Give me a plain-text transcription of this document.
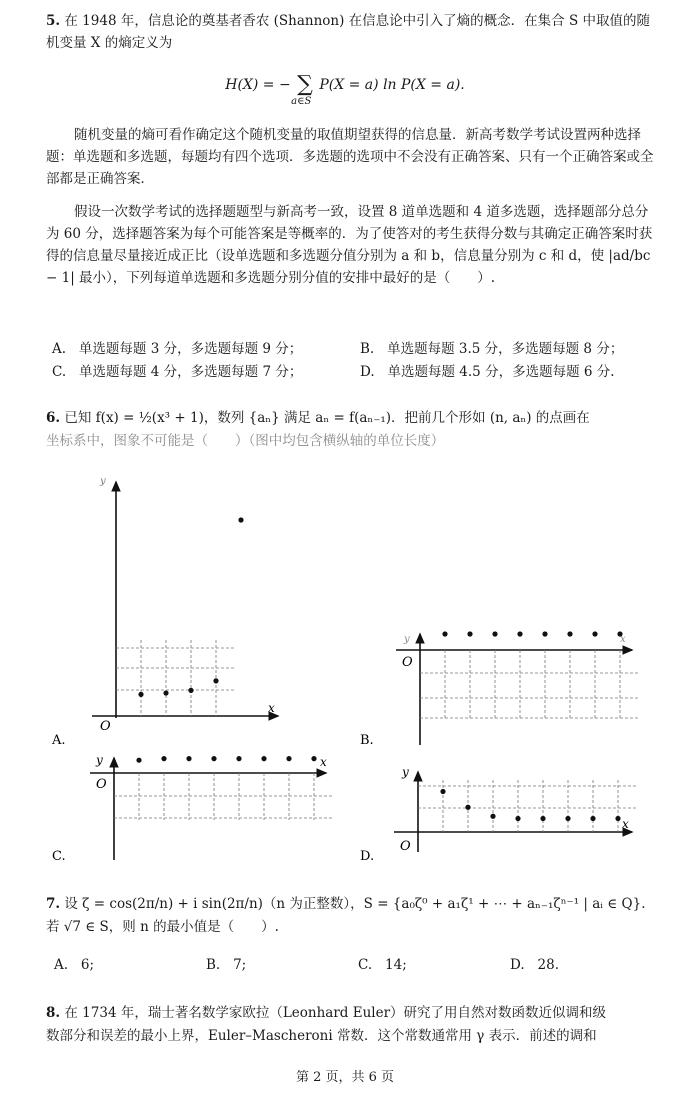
5. 在 1948 年，信息论的奠基者香农 (Shannon) 在信息论中引入了熵的概念．在集合 S 中取值的随机变量 X 的熵定义为
H(X) = − ∑
a∈S
P(X = a) ln P(X = a).
随机变量的熵可看作确定这个随机变量的取值期望获得的信息量．新高考数学考试设置两种选择题：单选题和多选题，每题均有四个选项．多选题的选项中不会没有正确答案、只有一个正确答案或全部都是正确答案．
假设一次数学考试的选择题题型与新高考一致，设置 8 道单选题和 4 道多选题，选择题部分总分为 60 分，选择题答案为每个可能答案是等概率的．为了使答对的考生获得分数与其确定正确答案时获得的信息量尽量接近成正比（设单选题和多选题分值分别为 a 和 b，信息量分别为 c 和 d，使 |ad/bc − 1| 最小），下列每道单选题和多选题分别分值的安排中最好的是（　　）.
A. 单选题每题 3 分，多选题每题 9 分；	B. 单选题每题 3.5 分，多选题每题 8 分；
C. 单选题每题 4 分，多选题每题 7 分；	D. 单选题每题 4.5 分，多选题每题 6 分.
6. 已知 f(x) = ½(x³ + 1)，数列 {aₙ} 满足 aₙ = f(aₙ₋₁)．把前几个形如 (n, aₙ) 的点画在
坐标系中，图象不可能是（　　）（图中均包含横纵轴的单位长度）
O
x
y
A.
O
y	x
B.
O
y	x
C.
O
y
x
D.
7. 设 ζ = cos(2π/n) + i sin(2π/n)（n 为正整数），S = {a₀ζ⁰ + a₁ζ¹ + ⋯ + aₙ₋₁ζⁿ⁻¹ | aᵢ ∈ Q}.
若 √7 ∈ S，则 n 的最小值是（　　）.
A. 6;	B. 7;	C. 14;	D. 28.
8. 在 1734 年，瑞士著名数学家欧拉（Leonhard Euler）研究了用自然对数函数近似调和级
数部分和误差的最小上界，Euler–Mascheroni 常数．这个常数通常用 γ 表示．前述的调和
第 2 页，共 6 页
